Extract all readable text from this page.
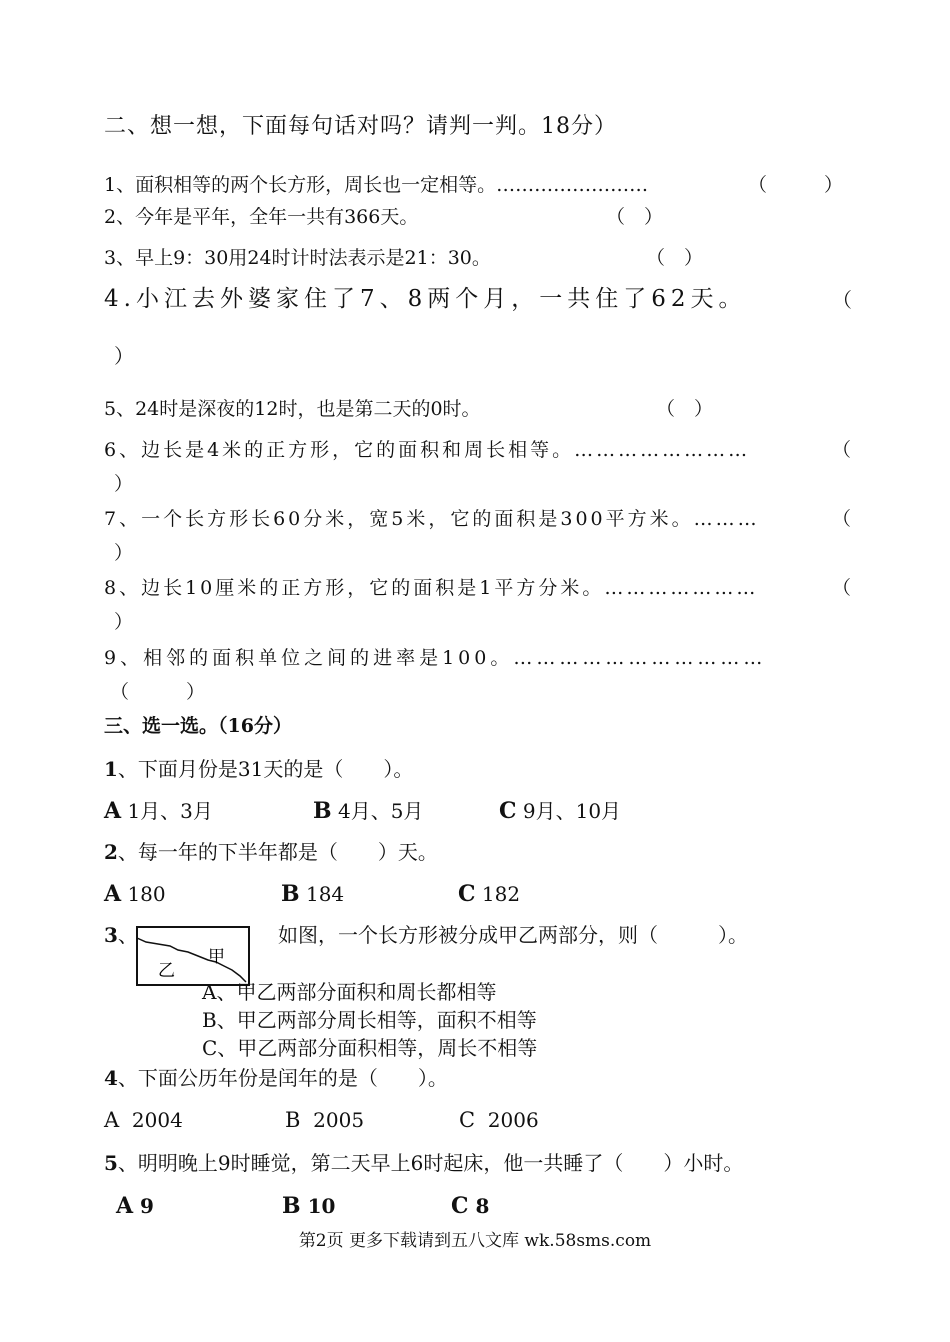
二、想一想，下面每句话对吗？请判一判。18分）
1、面积相等的两个长方形，周长也一定相等。……………………	（　　　）
2、今年是平年，全年一共有366天。	（　）
3、早上9：30用24时计时法表示是21：30。	（　）
4.小江去外婆家住了7、8两个月，一共住了62天。	（
）
5、24时是深夜的12时，也是第二天的0时。	（　）
6、边长是4米的正方形，它的面积和周长相等。……………………	（
）
7、一个长方形长60分米，宽5米，它的面积是300平方米。………	（
）
8、边长10厘米的正方形，它的面积是1平方分米。…………………	（
）
9、相邻的面积单位之间的进率是100。……………………………
（　　　）
三、选一选。（16分）
1、下面月份是31天的是（　　）。
A 1月、3月	B 4月、5月	C 9月、10月
2、每一年的下半年都是（　　）天。
A 180	B 184	C 182
3、
乙
甲
如图，一个长方形被分成甲乙两部分，则（　　　）。
A、甲乙两部分面积和周长都相等
B、甲乙两部分周长相等，面积不相等
C、甲乙两部分面积相等，周长不相等
4、下面公历年份是闰年的是（　　）。
A 2004	B 2005	C 2006
5、明明晚上9时睡觉，第二天早上6时起床，他一共睡了（　　）小时。
A 9	B 10	C 8
第2页 更多下载请到五八文库 wk.58sms.com
